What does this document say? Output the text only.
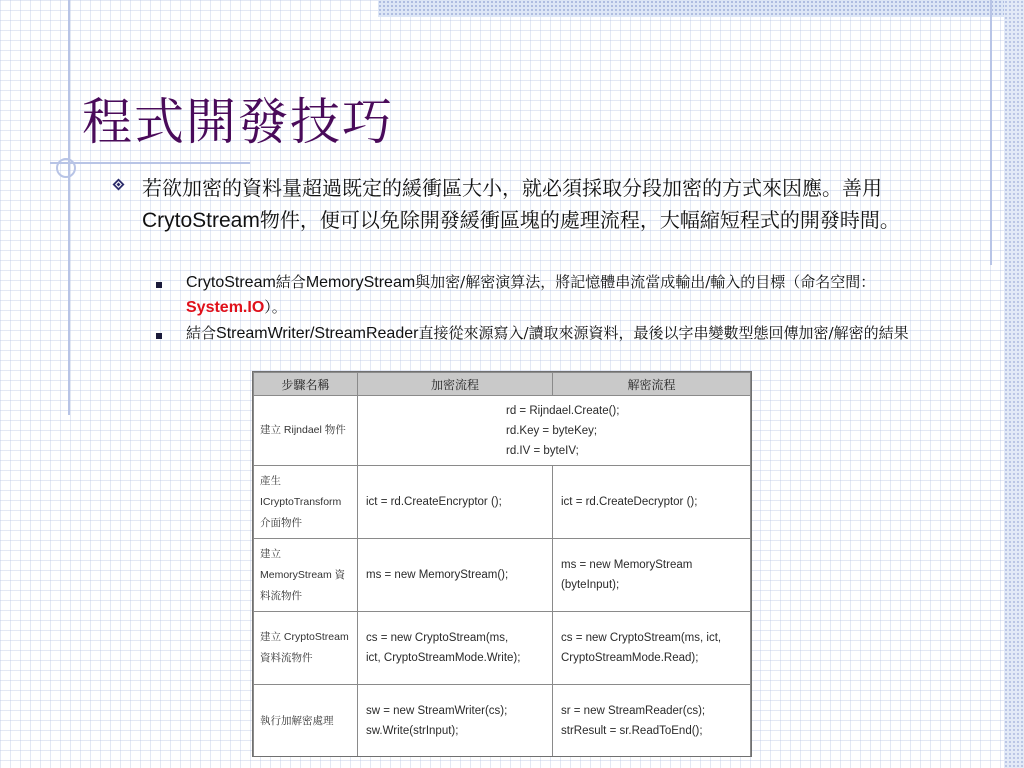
程式開發技巧
若欲加密的資料量超過既定的緩衝區大小，就必須採取分段加密的方式來因應。善用CrytoStream物件，便可以免除開發緩衝區塊的處理流程，大幅縮短程式的開發時間。
CrytoStream結合MemoryStream與加密/解密演算法，將記憶體串流當成輸出/輸入的目標（命名空間：System.IO）。
結合StreamWriter/StreamReader直接從來源寫入/讀取來源資料，最後以字串變數型態回傳加密/解密的結果
步驟名稱	加密流程	解密流程
建立 Rijndael 物件	rd = Rijndael.Create();
rd.Key = byteKey;
rd.IV = byteIV;	

產生 ICryptoTransform 介面物件	ict = rd.CreateEncryptor ();	ict = rd.CreateDecryptor ();

建立 MemoryStream 資料流物件	ms = new MemoryStream();	ms = new MemoryStream
(byteInput);

建立 CryptoStream 資料流物件	cs = new CryptoStream(ms,
ict, CryptoStreamMode.Write);	cs = new CryptoStream(ms, ict,
CryptoStreamMode.Read);

執行加解密處理	sw = new StreamWriter(cs);
sw.Write(strInput);	sr = new StreamReader(cs);
strResult = sr.ReadToEnd();
